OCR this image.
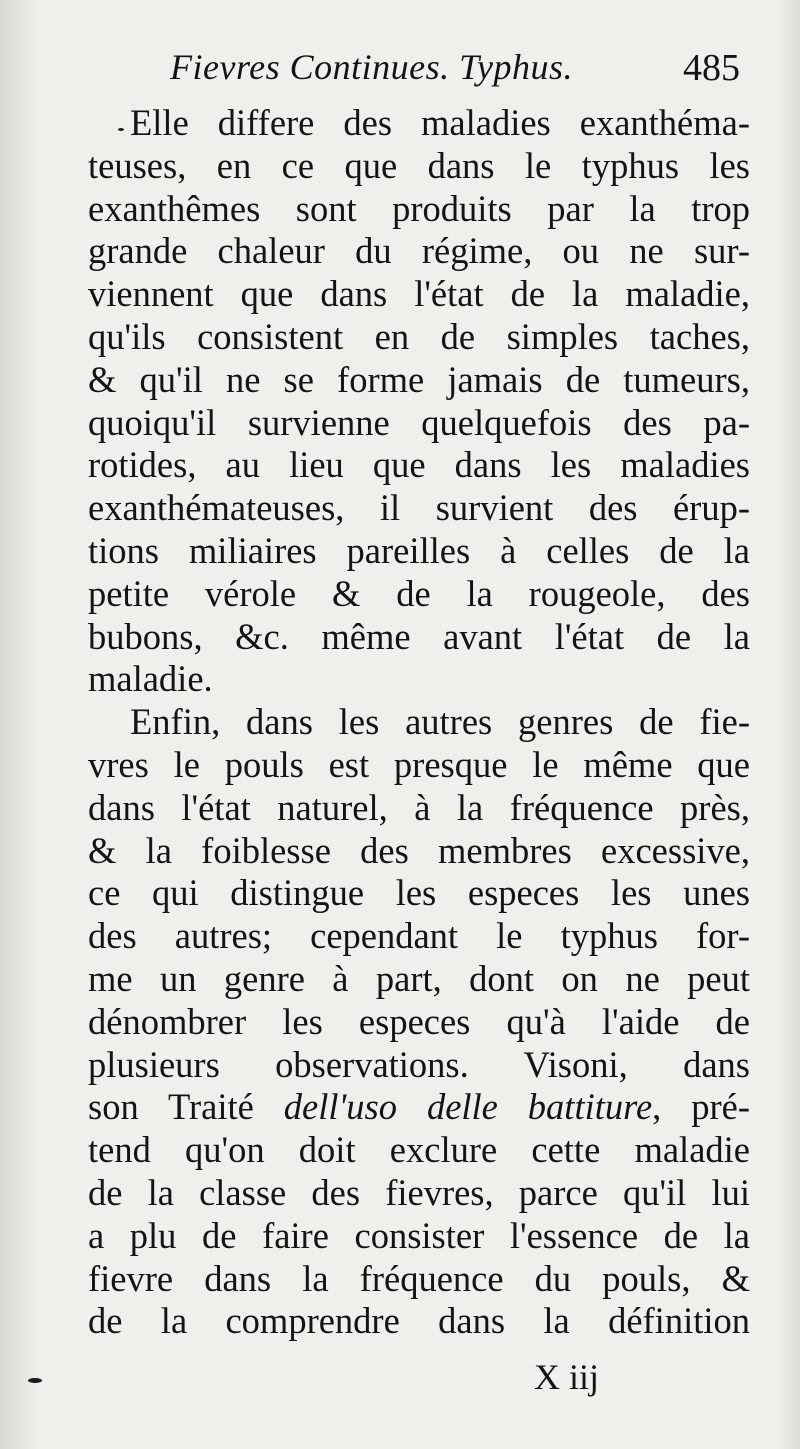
Fievres Continues. Typhus.	485
Elle differe des maladies exanthéma-
teuses, en ce que dans le typhus les
exanthêmes sont produits par la trop
grande chaleur du régime, ou ne sur-
viennent que dans l'état de la maladie,
qu'ils consistent en de simples taches,
& qu'il ne se forme jamais de tumeurs,
quoiqu'il survienne quelquefois des pa-
rotides, au lieu que dans les maladies
exanthémateuses, il survient des érup-
tions miliaires pareilles à celles de la
petite vérole & de la rougeole, des
bubons, &c. même avant l'état de la
maladie.
Enfin, dans les autres genres de fie-
vres le pouls est presque le même que
dans l'état naturel, à la fréquence près,
& la foiblesse des membres excessive,
ce qui distingue les especes les unes
des autres; cependant le typhus for-
me un genre à part, dont on ne peut
dénombrer les especes qu'à l'aide de
plusieurs observations. Visoni, dans
son Traité dell'uso delle battiture, pré-
tend qu'on doit exclure cette maladie
de la classe des fievres, parce qu'il lui
a plu de faire consister l'essence de la
fievre dans la fréquence du pouls, &
de la comprendre dans la définition
X iij
